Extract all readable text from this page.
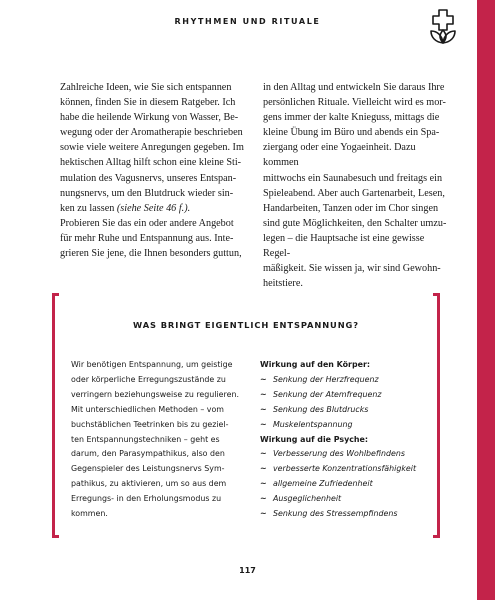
RHYTHMEN UND RITUALE

Zahlreiche Ideen, wie Sie sich entspannen
können, finden Sie in diesem Ratgeber. Ich
habe die heilende Wirkung von Wasser, Be-
wegung oder der Aromatherapie beschrieben
sowie viele weitere Anregungen gegeben. Im
hektischen Alltag hilft schon eine kleine Sti-
mulation des Vagusnervs, unseres Entspan-
nungsnervs, um den Blutdruck wieder sin-
ken zu lassen (siehe Seite 46 f.).

Probieren Sie das ein oder andere Angebot
für mehr Ruhe und Entspannung aus. Inte-
grieren Sie jene, die Ihnen besonders guttun,

in den Alltag und entwickeln Sie daraus Ihre
persönlichen Rituale. Vielleicht wird es mor-
gens immer der kalte Knieguss, mittags die
kleine Übung im Büro und abends ein Spa-
ziergang oder eine Yogaeinheit. Dazu kommen
mittwochs ein Saunabesuch und freitags ein
Spieleabend. Aber auch Gartenarbeit, Lesen,
Handarbeiten, Tanzen oder im Chor singen
sind gute Möglichkeiten, den Schalter umzu-
legen – die Hauptsache ist eine gewisse Regel-
mäßigkeit. Sie wissen ja, wir sind Gewohn-
heitstiere.

WAS BRINGT EIGENTLICH ENTSPANNUNG?

Wir benötigen Entspannung, um geistige
oder körperliche Erregungszustände zu
verringern beziehungsweise zu regulieren.
Mit unterschiedlichen Methoden – vom
buchstäblichen Teetrinken bis zu geziel-
ten Entspannungstechniken – geht es
darum, den Parasympathikus, also den
Gegenspieler des Leistungsnervs Sym-
pathikus, zu aktivieren, um so aus dem
Erregungs- in den Erholungsmodus zu
kommen.

Wirkung auf den Körper:
~ Senkung der Herzfrequenz
~ Senkung der Atemfrequenz
~ Senkung des Blutdrucks
~ Muskelentspannung
Wirkung auf die Psyche:
~ Verbesserung des Wohlbefindens
~ verbesserte Konzentrationsfähigkeit
~ allgemeine Zufriedenheit
~ Ausgeglichenheit
~ Senkung des Stressempfindens
117
